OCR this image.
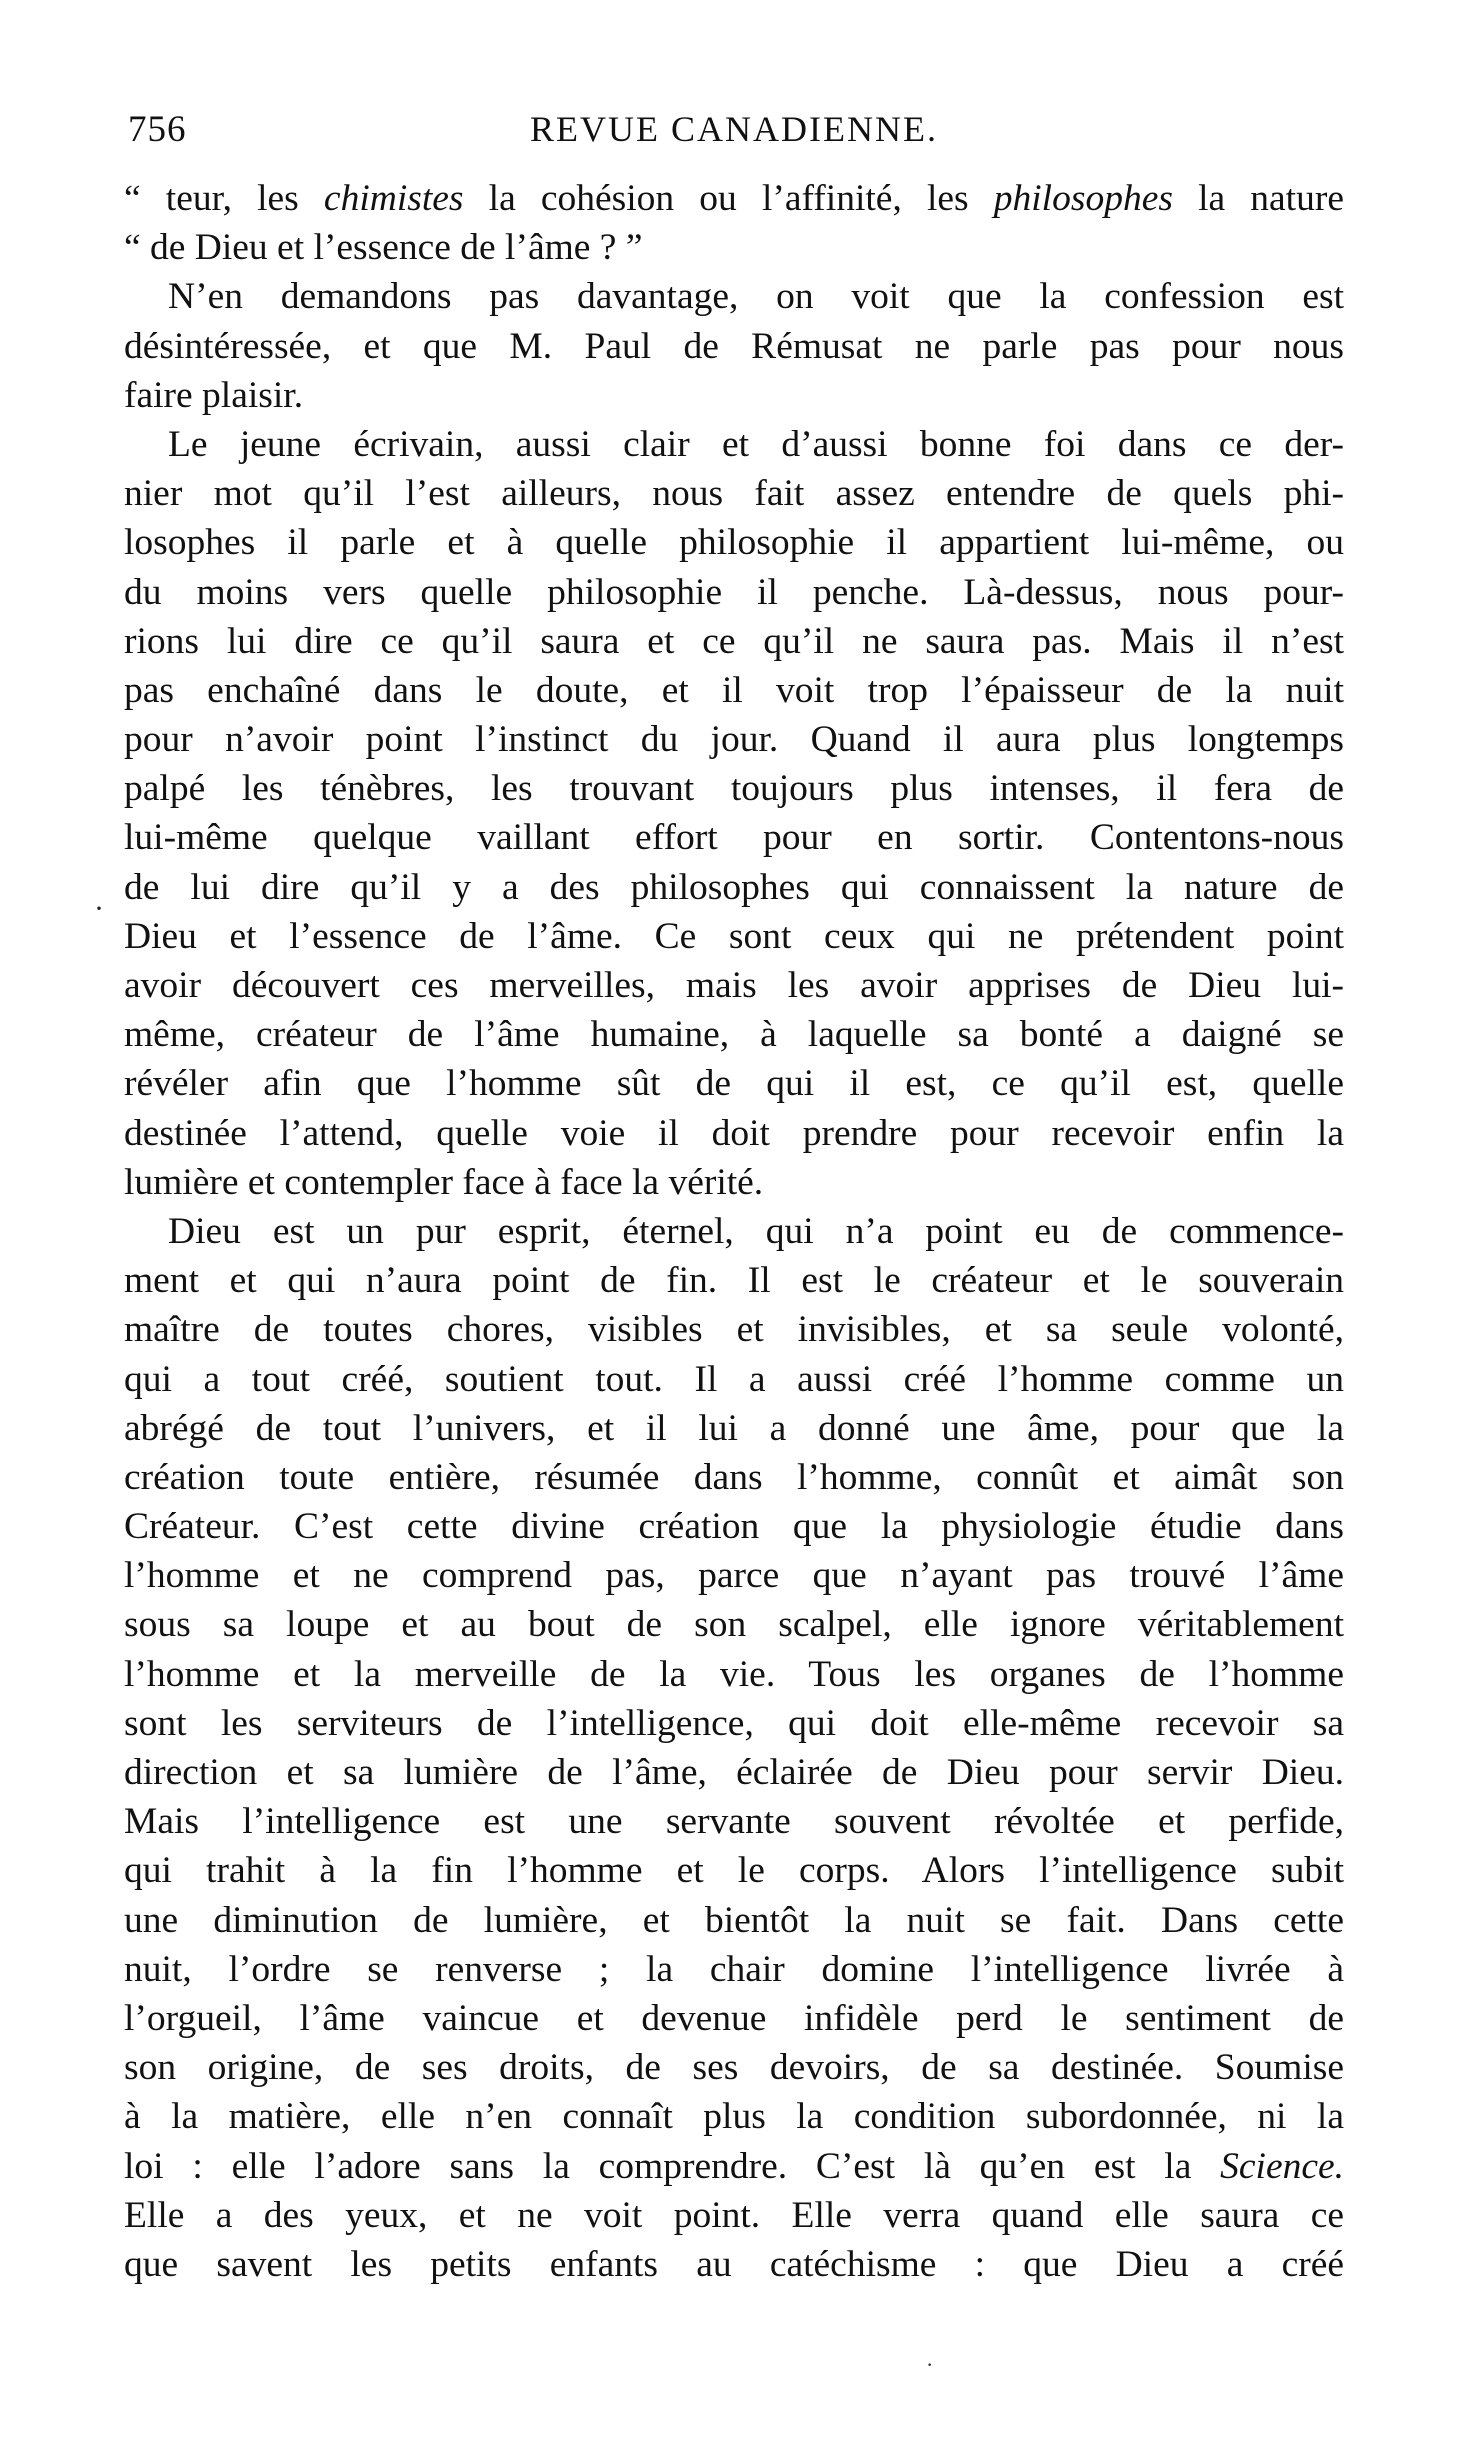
756	REVUE CANADIENNE.
“ teur, les chimistes la cohésion ou l’affinité, les philosophes la nature
“ de Dieu et l’essence de l’âme ? ”
N’en demandons pas davantage, on voit que la confession est
désintéressée, et que M. Paul de Rémusat ne parle pas pour nous
faire plaisir.
Le jeune écrivain, aussi clair et d’aussi bonne foi dans ce der-
nier mot qu’il l’est ailleurs, nous fait assez entendre de quels phi-
losophes il parle et à quelle philosophie il appartient lui-même, ou
du moins vers quelle philosophie il penche. Là-dessus, nous pour-
rions lui dire ce qu’il saura et ce qu’il ne saura pas. Mais il n’est
pas enchaîné dans le doute, et il voit trop l’épaisseur de la nuit
pour n’avoir point l’instinct du jour. Quand il aura plus longtemps
palpé les ténèbres, les trouvant toujours plus intenses, il fera de
lui-même quelque vaillant effort pour en sortir. Contentons-nous
de lui dire qu’il y a des philosophes qui connaissent la nature de
Dieu et l’essence de l’âme. Ce sont ceux qui ne prétendent point
avoir découvert ces merveilles, mais les avoir apprises de Dieu lui-
même, créateur de l’âme humaine, à laquelle sa bonté a daigné se
révéler afin que l’homme sût de qui il est, ce qu’il est, quelle
destinée l’attend, quelle voie il doit prendre pour recevoir enfin la
lumière et contempler face à face la vérité.
Dieu est un pur esprit, éternel, qui n’a point eu de commence-
ment et qui n’aura point de fin. Il est le créateur et le souverain
maître de toutes chores, visibles et invisibles, et sa seule volonté,
qui a tout créé, soutient tout. Il a aussi créé l’homme comme un
abrégé de tout l’univers, et il lui a donné une âme, pour que la
création toute entière, résumée dans l’homme, connût et aimât son
Créateur. C’est cette divine création que la physiologie étudie dans
l’homme et ne comprend pas, parce que n’ayant pas trouvé l’âme
sous sa loupe et au bout de son scalpel, elle ignore véritablement
l’homme et la merveille de la vie. Tous les organes de l’homme
sont les serviteurs de l’intelligence, qui doit elle-même recevoir sa
direction et sa lumière de l’âme, éclairée de Dieu pour servir Dieu.
Mais l’intelligence est une servante souvent révoltée et perfide,
qui trahit à la fin l’homme et le corps. Alors l’intelligence subit
une diminution de lumière, et bientôt la nuit se fait. Dans cette
nuit, l’ordre se renverse ; la chair domine l’intelligence livrée à
l’orgueil, l’âme vaincue et devenue infidèle perd le sentiment de
son origine, de ses droits, de ses devoirs, de sa destinée. Soumise
à la matière, elle n’en connaît plus la condition subordonnée, ni la
loi : elle l’adore sans la comprendre. C’est là qu’en est la Science.
Elle a des yeux, et ne voit point. Elle verra quand elle saura ce
que savent les petits enfants au catéchisme : que Dieu a créé
·
·
